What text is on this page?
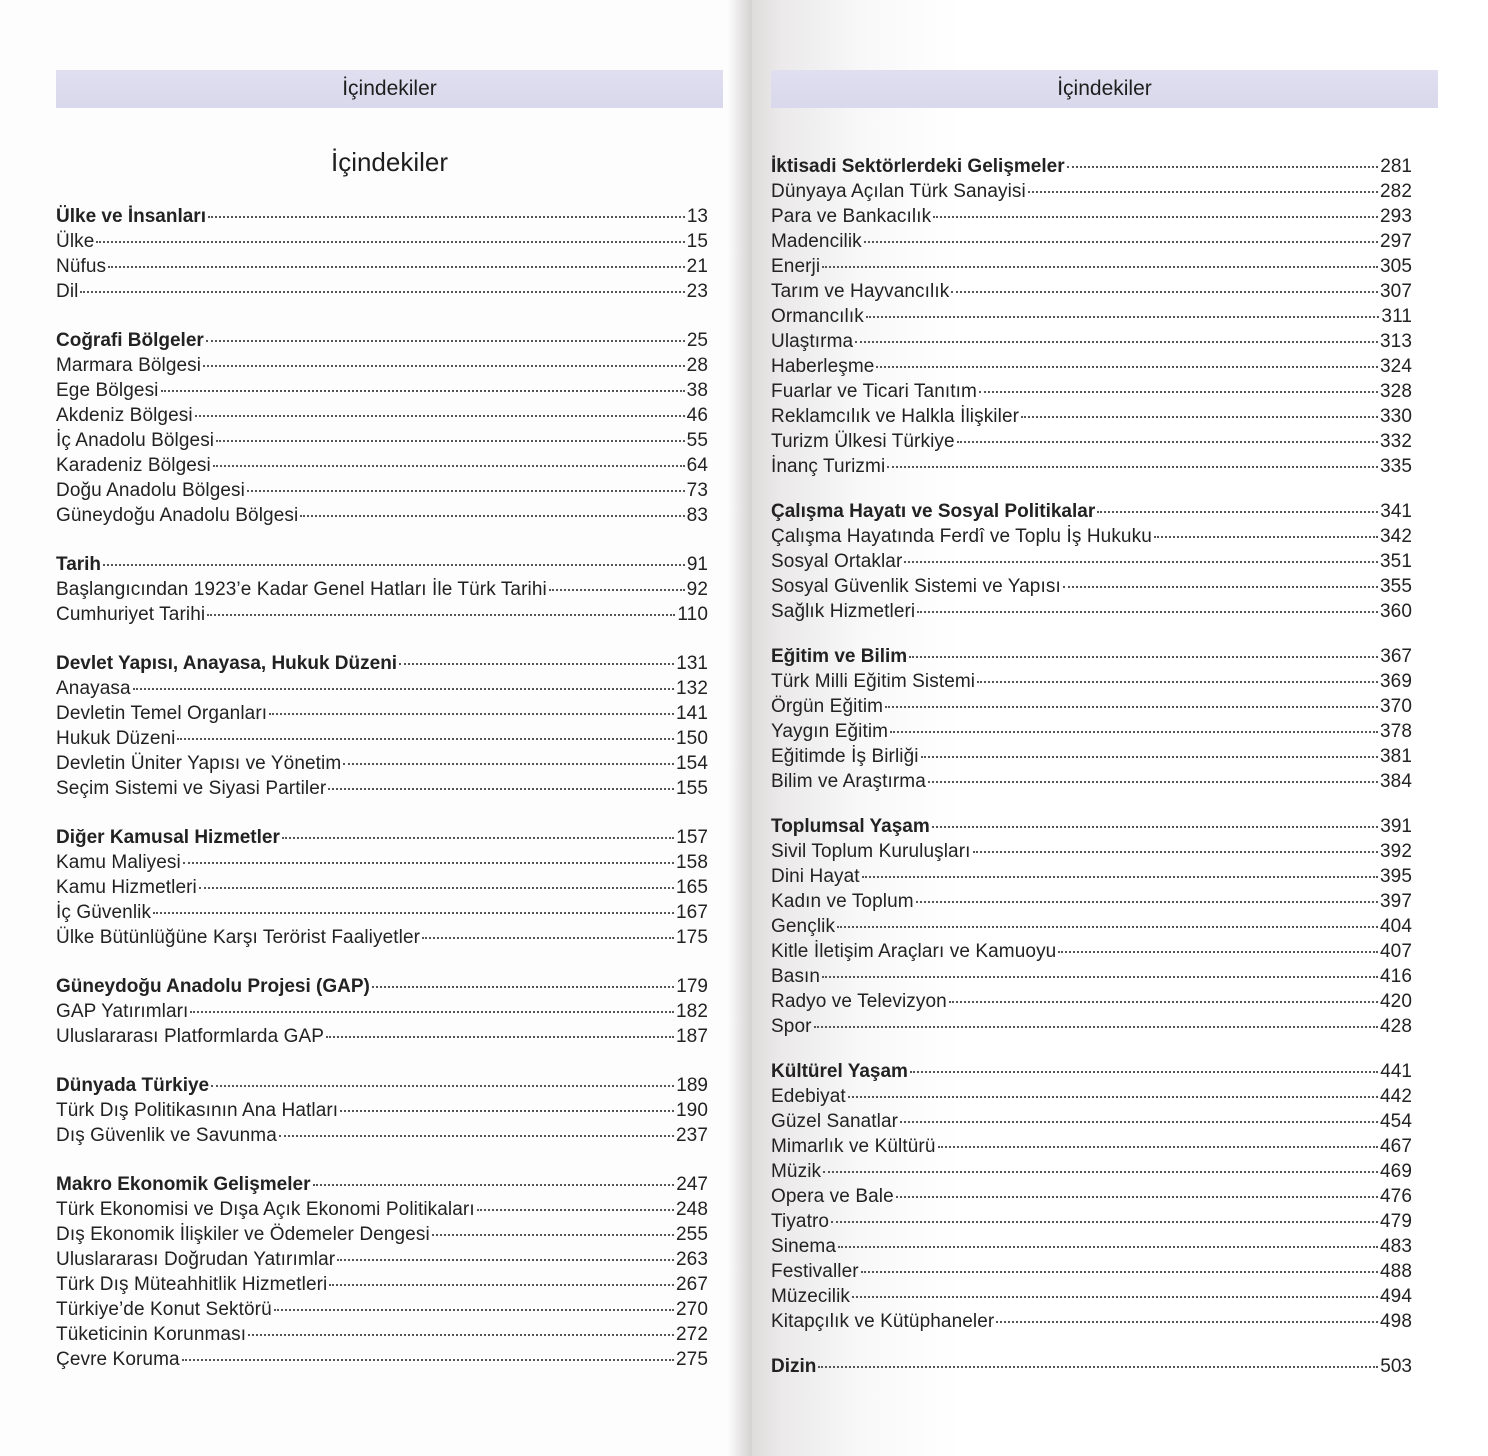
İçindekiler
İçindekiler
Ülke ve İnsanları	13
Ülke	15
Nüfus	21
Dil	23
Coğrafi Bölgeler	25
Marmara Bölgesi	28
Ege Bölgesi	38
Akdeniz Bölgesi	46
İç Anadolu Bölgesi	55
Karadeniz Bölgesi	64
Doğu Anadolu Bölgesi	73
Güneydoğu Anadolu Bölgesi	83
Tarih	91
Başlangıcından 1923’e Kadar Genel Hatları İle Türk Tarihi	92
Cumhuriyet Tarihi	110
Devlet Yapısı, Anayasa, Hukuk Düzeni	131
Anayasa	132
Devletin Temel Organları	141
Hukuk Düzeni	150
Devletin Üniter Yapısı ve Yönetim	154
Seçim Sistemi ve Siyasi Partiler	155
Diğer Kamusal Hizmetler	157
Kamu Maliyesi	158
Kamu Hizmetleri	165
İç Güvenlik	167
Ülke Bütünlüğüne Karşı Terörist Faaliyetler	175
Güneydoğu Anadolu Projesi (GAP)	179
GAP Yatırımları	182
Uluslararası Platformlarda GAP	187
Dünyada Türkiye	189
Türk Dış Politikasının Ana Hatları	190
Dış Güvenlik ve Savunma	237
Makro Ekonomik Gelişmeler	247
Türk Ekonomisi ve Dışa Açık Ekonomi Politikaları	248
Dış Ekonomik İlişkiler ve Ödemeler Dengesi	255
Uluslararası Doğrudan Yatırımlar	263
Türk Dış Müteahhitlik Hizmetleri	267
Türkiye’de Konut Sektörü	270
Tüketicinin Korunması	272
Çevre Koruma	275
İçindekiler
İktisadi Sektörlerdeki Gelişmeler	281
Dünyaya Açılan Türk Sanayisi	282
Para ve Bankacılık	293
Madencilik	297
Enerji	305
Tarım ve Hayvancılık	307
Ormancılık	311
Ulaştırma	313
Haberleşme	324
Fuarlar ve Ticari Tanıtım	328
Reklamcılık ve Halkla İlişkiler	330
Turizm Ülkesi Türkiye	332
İnanç Turizmi	335
Çalışma Hayatı ve Sosyal Politikalar	341
Çalışma Hayatında Ferdî ve Toplu İş Hukuku	342
Sosyal Ortaklar	351
Sosyal Güvenlik Sistemi ve Yapısı	355
Sağlık Hizmetleri	360
Eğitim ve Bilim	367
Türk Milli Eğitim Sistemi	369
Örgün Eğitim	370
Yaygın Eğitim	378
Eğitimde İş Birliği	381
Bilim ve Araştırma	384
Toplumsal Yaşam	391
Sivil Toplum Kuruluşları	392
Dini Hayat	395
Kadın ve Toplum	397
Gençlik	404
Kitle İletişim Araçları ve Kamuoyu	407
Basın	416
Radyo ve Televizyon	420
Spor	428
Kültürel Yaşam	441
Edebiyat	442
Güzel Sanatlar	454
Mimarlık ve Kültürü	467
Müzik	469
Opera ve Bale	476
Tiyatro	479
Sinema	483
Festivaller	488
Müzecilik	494
Kitapçılık ve Kütüphaneler	498
Dizin	503
